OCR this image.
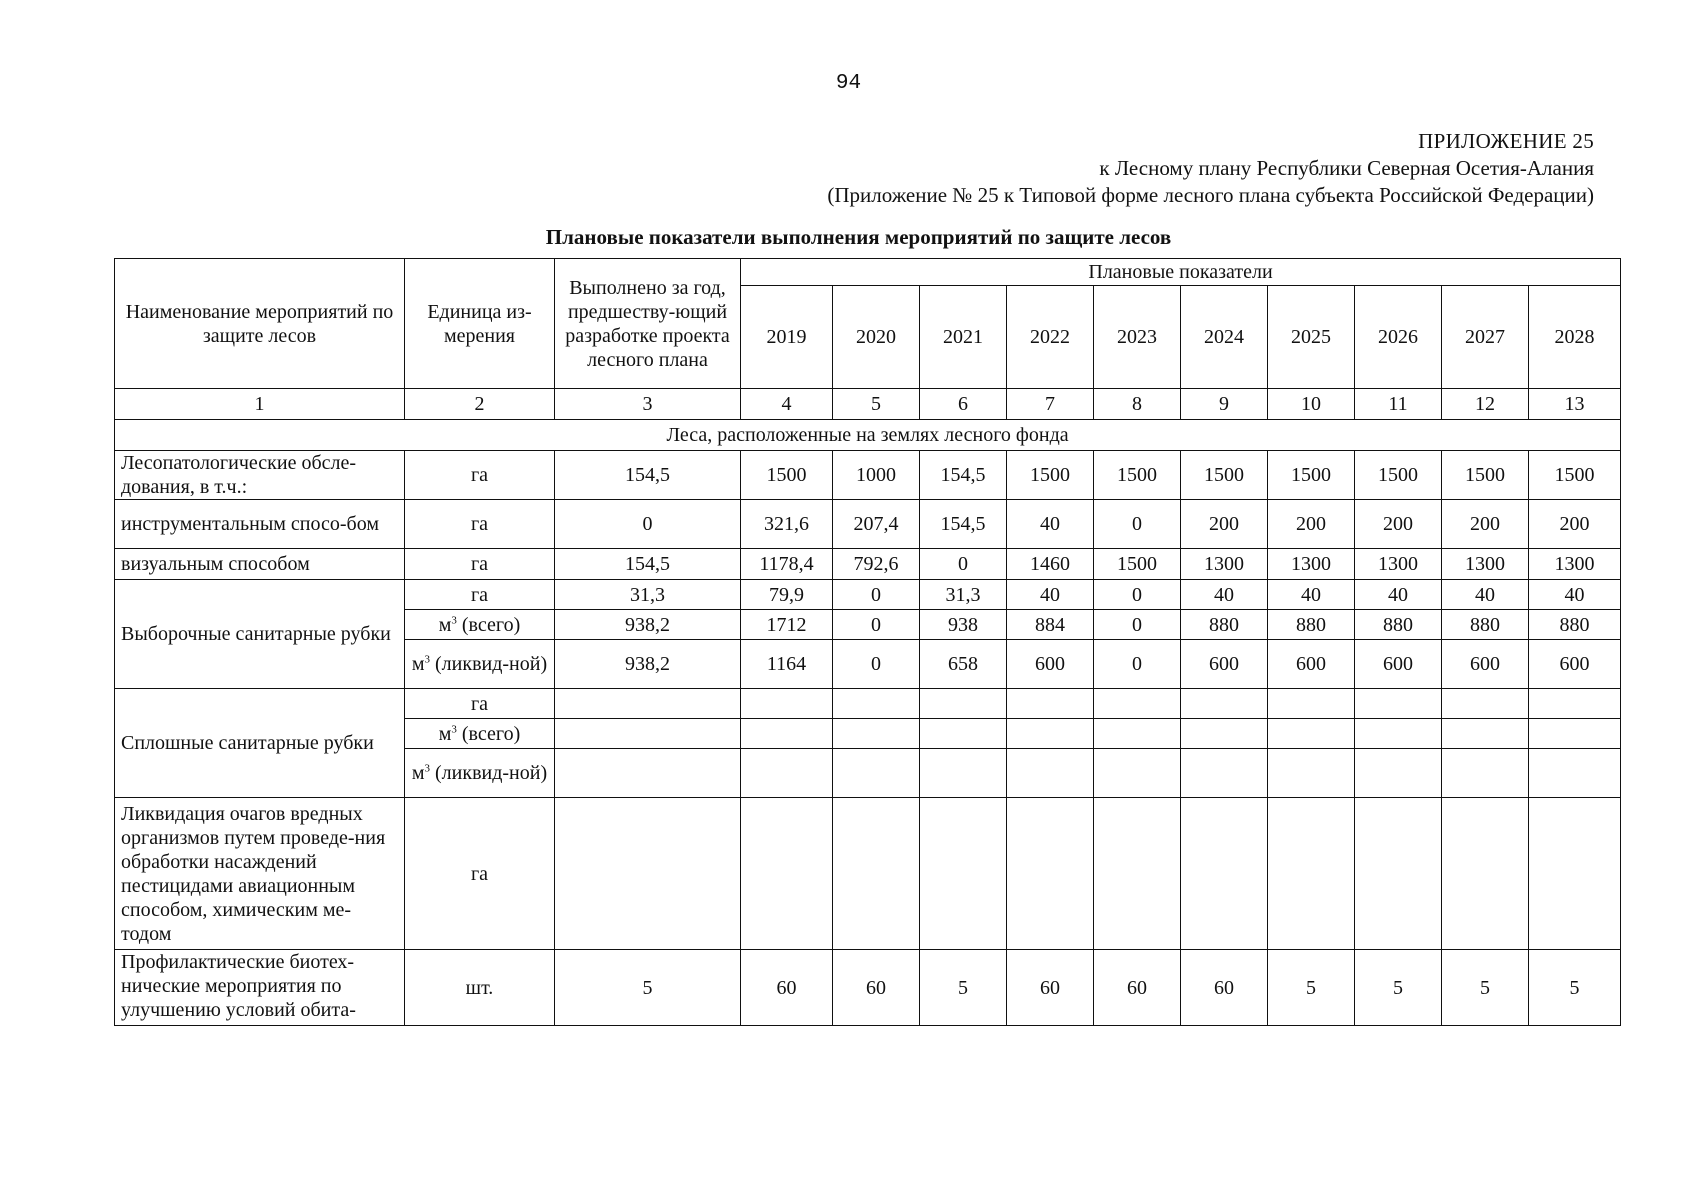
94
ПРИЛОЖЕНИЕ 25
к Лесному плану Республики Северная Осетия-Алания
(Приложение № 25 к Типовой форме лесного плана субъекта Российской Федерации)
Плановые показатели выполнения мероприятий по защите лесов
Наименование мероприятий по защите лесов	Единица из-мерения	Выполнено за год, предшеству-ющий разработке проекта лесного плана	Плановые показатели									
			2019	2020	2021	2022	2023	2024	2025	2026	2027	2028
1	2	3	4	5	6	7	8	9	10	11	12	13
Леса, расположенные на землях лесного фонда												
Лесопатологические обсле-дования, в т.ч.:	га	154,5	1500	1000	154,5	1500	1500	1500	1500	1500	1500	1500
инструментальным спосо-бом	га	0	321,6	207,4	154,5	40	0	200	200	200	200	200
визуальным способом	га	154,5	1178,4	792,6	0	1460	1500	1300	1300	1300	1300	1300
Выборочные санитарные рубки	га	31,3	79,9	0	31,3	40	0	40	40	40	40	40
	$м^3$ (всего)	938,2	1712	0	938	884	0	880	880	880	880	880
	$м^3$ (ликвид-ной)	938,2	1164	0	658	600	0	600	600	600	600	600
Сплошные санитарные рубки	га											
	$м^3$ (всего)											
	$м^3$ (ликвид-ной)											
Ликвидация очагов вредных организмов путем проведе-ния обработки насаждений пестицидами авиационным способом, химическим ме-тодом	га											
Профилактические биотех-нические мероприятия по улучшению условий обита-	шт.	5	60	60	5	60	60	60	5	5	5	5
